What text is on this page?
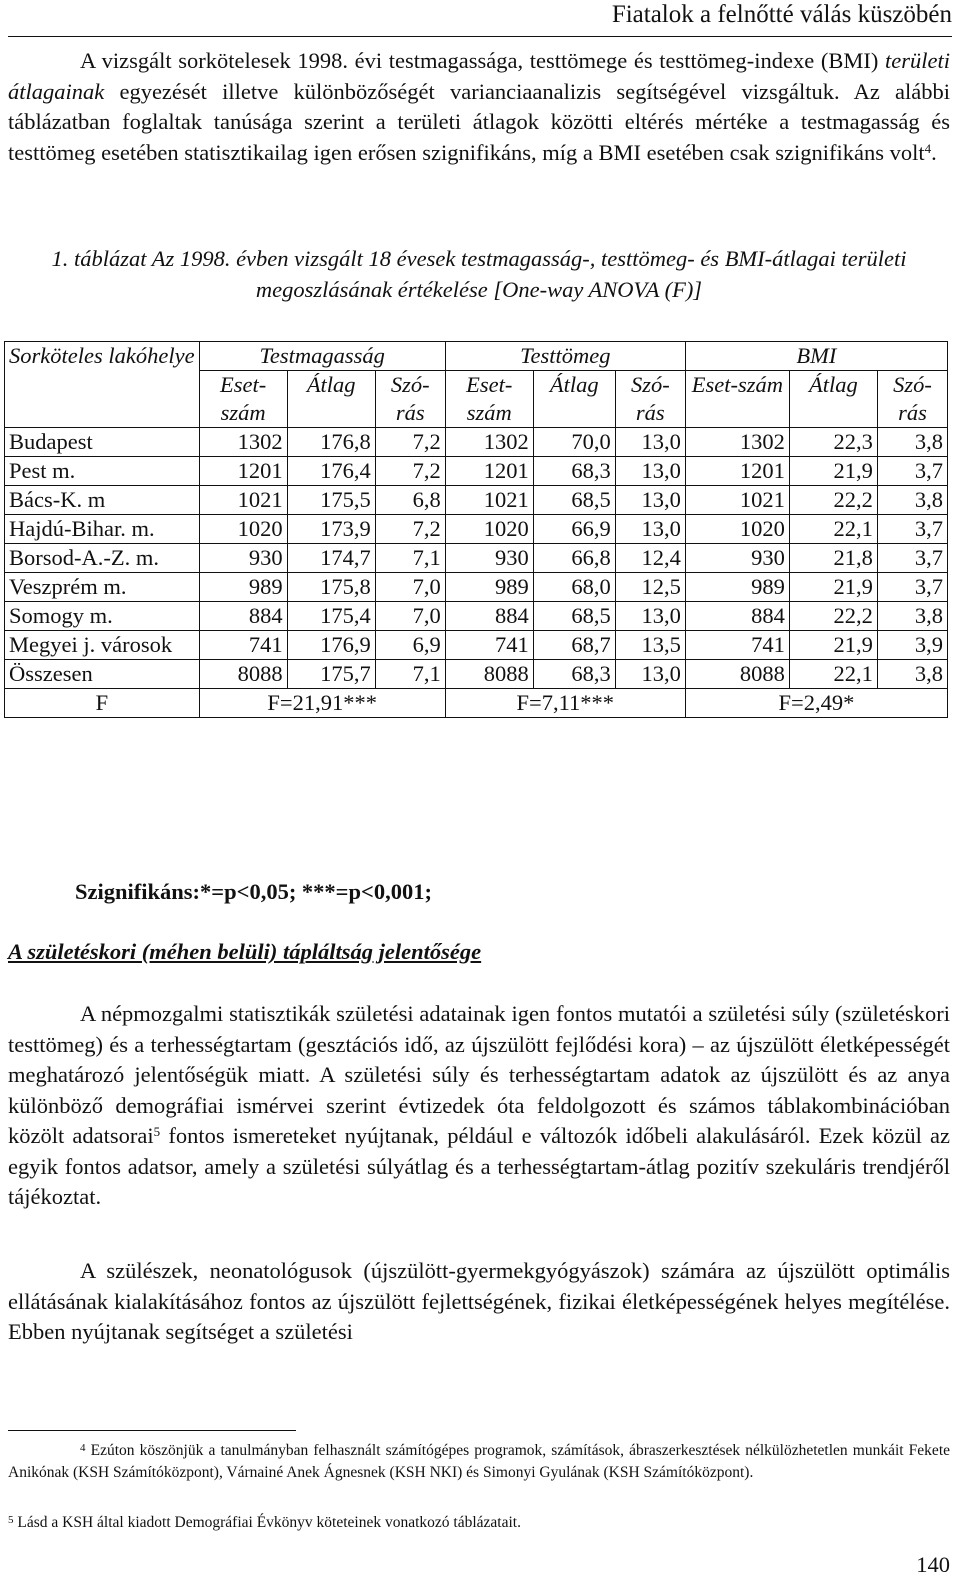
Fiatalok a felnőtté válás küszöbén

A vizsgált sorkötelesek 1998. évi testmagassága, testtömege és testtömeg-indexe (BMI) területi átlagainak egyezését illetve különbözőségét varianciaanalizis segítségével vizsgáltuk. Az alábbi táblázatban foglaltak tanúsága szerint a területi átlagok közötti eltérés mértéke a testmagasság és testtömeg esetében statisztikailag igen erősen szignifikáns, míg a BMI esetében csak szignifikáns volt$^4$.

1. táblázat Az 1998. évben vizsgált 18 évesek testmagasság-, testtömeg- és BMI-átlagai területi megoszlásának értékelése [One-way ANOVA (F)]
Sorköteles lakóhelye	Testmagasság			Testtömeg			BMI		
	Eset-szám	Átlag	Szó-rás	Eset-szám	Átlag	Szó-rás	Eset-szám	Átlag	Szó-rás
Budapest	1302	176,8	7,2	1302	70,0	13,0	1302	22,3	3,8
Pest m.	1201	176,4	7,2	1201	68,3	13,0	1201	21,9	3,7
Bács-K. m	1021	175,5	6,8	1021	68,5	13,0	1021	22,2	3,8
Hajdú-Bihar. m.	1020	173,9	7,2	1020	66,9	13,0	1020	22,1	3,7
Borsod-A.-Z. m.	930	174,7	7,1	930	66,8	12,4	930	21,8	3,7
Veszprém m.	989	175,8	7,0	989	68,0	12,5	989	21,9	3,7
Somogy m.	884	175,4	7,0	884	68,5	13,0	884	22,2	3,8
Megyei j. városok	741	176,9	6,9	741	68,7	13,5	741	21,9	3,9
Összesen	8088	175,7	7,1	8088	68,3	13,0	8088	22,1	3,8
F	F=21,91***			F=7,11***			F=2,49*		
Szignifikáns:*=p<0,05; ***=p<0,001;
A születéskori (méhen belüli) tápláltság jelentősége

A népmozgalmi statisztikák születési adatainak igen fontos mutatói a születési súly (születéskori testtömeg) és a terhességtartam (gesztációs idő, az újszülött fejlődési kora) – az újszülött életképességét meghatározó jelentőségük miatt. A születési súly és terhességtartam adatok az újszülött és az anya különböző demográfiai ismérvei szerint évtizedek óta feldolgozott és számos táblakombinációban közölt adatsorai$^5$ fontos ismereteket nyújtanak, például e változók időbeli alakulásáról. Ezek közül az egyik fontos adatsor, amely a születési súlyátlag és a terhességtartam-átlag pozitív szekuláris trendjéről tájékoztat.

A szülészek, neonatológusok (újszülött-gyermekgyógyászok) számára az újszülött optimális ellátásának kialakításához fontos az újszülött fejlettségének, fizikai életképességének helyes megítélése. Ebben nyújtanak segítséget a születési

$^4$ Ezúton köszönjük a tanulmányban felhasznált számítógépes programok, számítások, ábraszerkesztések nélkülözhetetlen munkáit Fekete Anikónak (KSH Számítóközpont), Várnainé Anek Ágnesnek (KSH NKI) és Simonyi Gyulának (KSH Számítóközpont).

$^5$ Lásd a KSH által kiadott Demográfiai Évkönyv köteteinek vonatkozó táblázatait.

140
